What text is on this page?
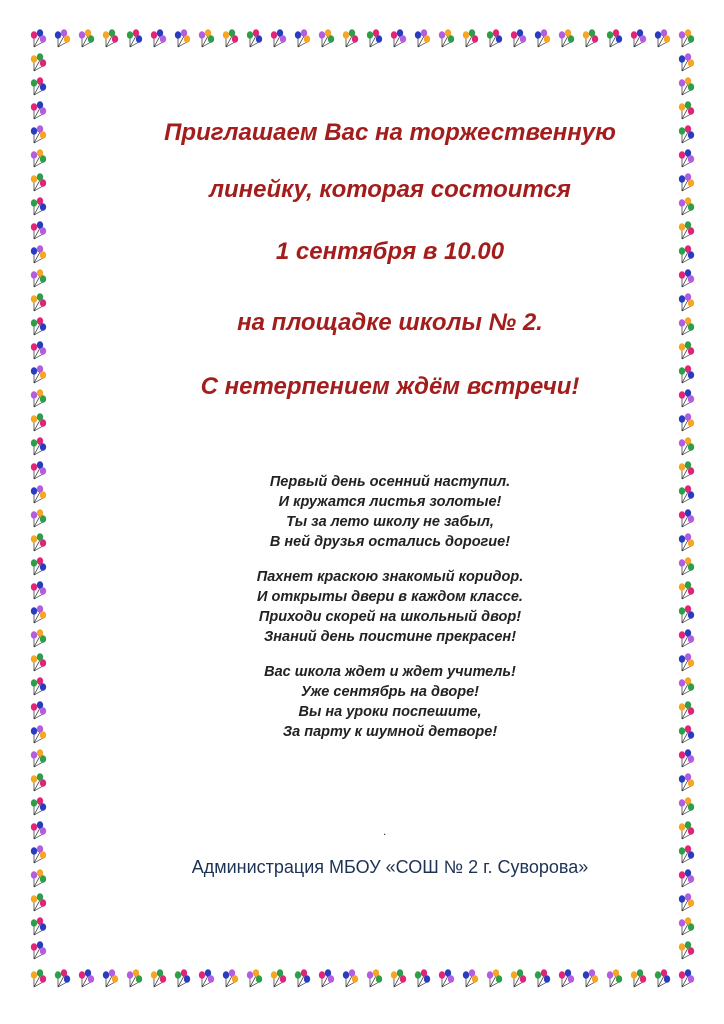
Приглашаем Вас на торжественную

линейку, которая состоится

1 сентября в 10.00

на площадке школы № 2.

С нетерпением ждём встречи!

Первый день осенний наступил.
И кружатся листья золотые!
Ты за лето школу не забыл,
В ней друзья остались дорогие!

Пахнет краскою знакомый коридор.
И открыты двери в каждом классе.
Приходи скорей на школьный двор!
Знаний день поистине прекрасен!

Вас школа ждет и ждет учитель!
Уже сентябрь на дворе!
Вы на уроки поспешите,
За парту к шумной детворе!

.

Администрация МБОУ «СОШ № 2 г. Суворова»
